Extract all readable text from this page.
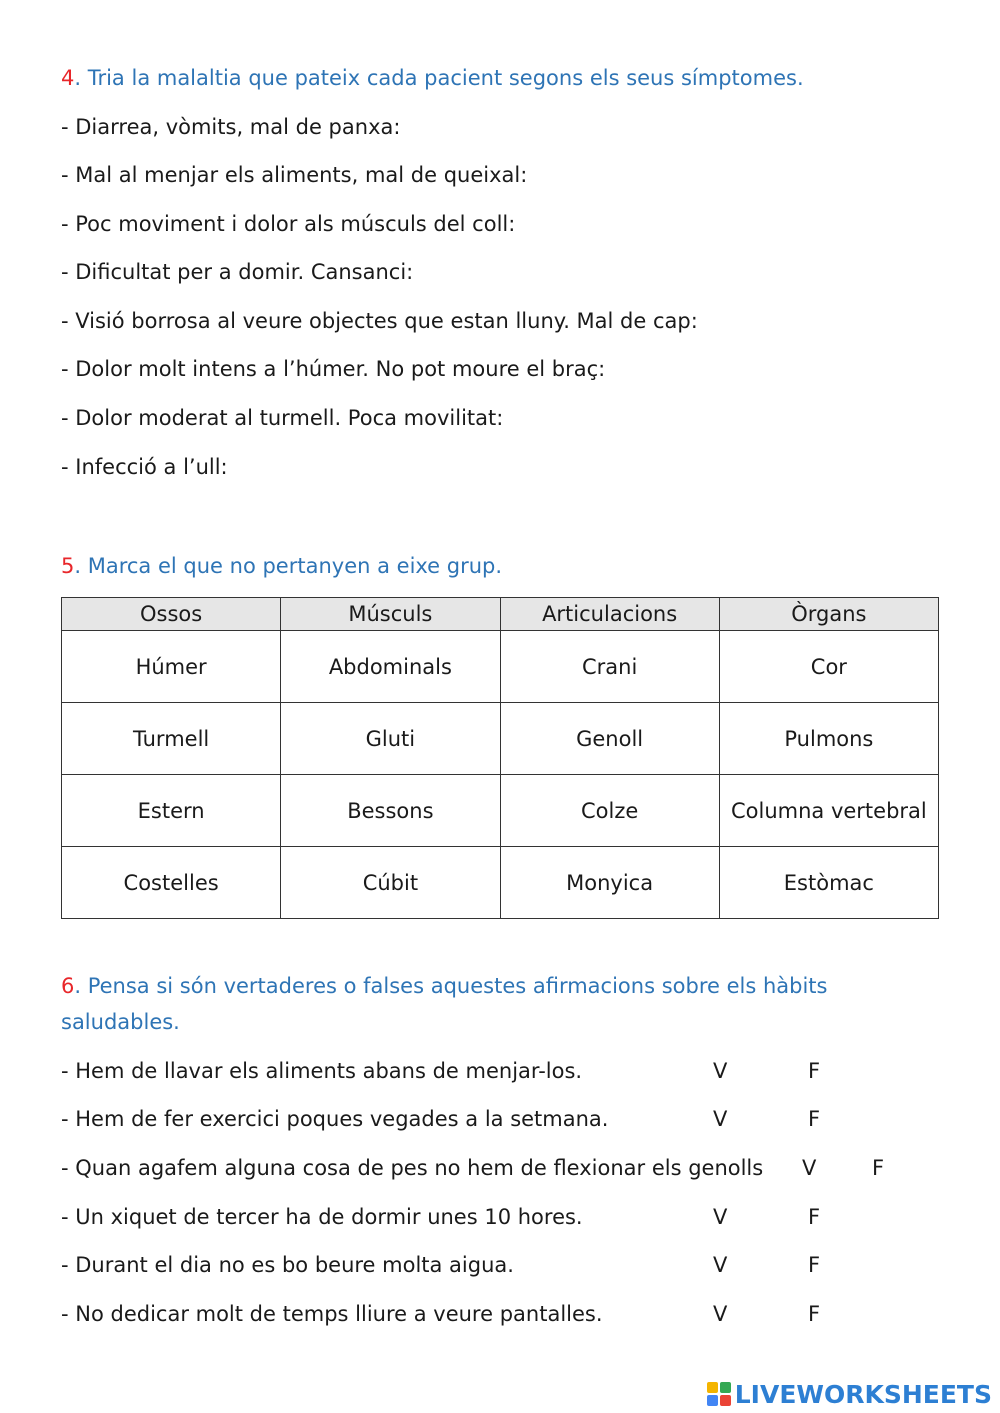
4. Tria la malaltia que pateix cada pacient segons els seus símptomes.
- Diarrea, vòmits, mal de panxa:
- Mal al menjar els aliments, mal de queixal:
- Poc moviment i dolor als músculs del coll:
- Dificultat per a domir. Cansanci:
- Visió borrosa al veure objectes que estan lluny. Mal de cap:
- Dolor molt intens a l’húmer. No pot moure el braç:
- Dolor moderat al turmell. Poca movilitat:
- Infecció a l’ull:
5. Marca el que no pertanyen a eixe grup.
Ossos	Músculs	Articulacions	Òrgans
Húmer	Abdominals	Crani	Cor
Turmell	Gluti	Genoll	Pulmons
Estern	Bessons	Colze	Columna vertebral
Costelles	Cúbit	Monyica	Estòmac
6. Pensa si són vertaderes o falses aquestes afirmacions sobre els hàbits
saludables.
- Hem de llavar els aliments abans de menjar-los.	V	F
- Hem de fer exercici poques vegades a la setmana.	V	F
- Quan agafem alguna cosa de pes no hem de flexionar els genolls V	F
- Un xiquet de tercer ha de dormir unes 10 hores.	V	F
- Durant el dia no es bo beure molta aigua.	V	F
- No dedicar molt de temps lliure a veure pantalles.	V	F
LIVEWORKSHEETS
